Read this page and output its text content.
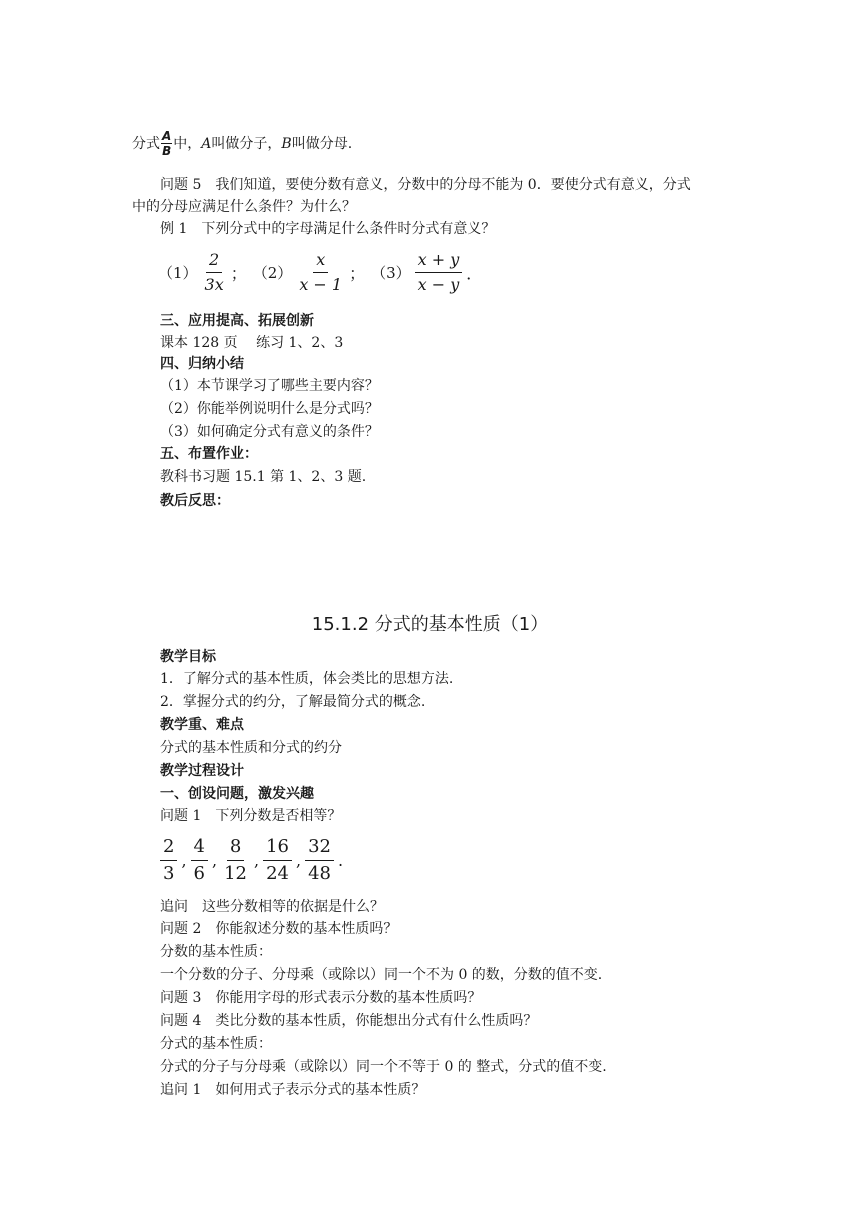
分式 $\frac{A}{B}$ 中， A 叫做分子， B 叫做分母.
问题 5　我们知道，要使分数有意义，分数中的分母不能为 0．要使分式有意义，分式
中的分母应满足什么条件？为什么？
例 1　下列分式中的字母满足什么条件时分式有意义？
$(1) \frac{2}{3x}$ ； $(2) \frac{x}{x - 1}$ ； $(3) \frac{x + y}{x - y}$ ．
三、应用提高、拓展创新
课本 128 页　 练习 1、2、3
四、归纳小结
（1）本节课学习了哪些主要内容？
（2）你能举例说明什么是分式吗？
（3）如何确定分式有意义的条件？
五、布置作业：
教科书习题 15.1 第 1、2、3 题.
教后反思：
15.1.2 分式的基本性质（1）
教学目标
1．了解分式的基本性质，体会类比的思想方法.
2．掌握分式的约分，了解最简分式的概念.
教学重、难点
分式的基本性质和分式的约分
教学过程设计
一、创设问题，激发兴趣
问题 1　下列分数是否相等？
$\frac{2}{3}$ , $\frac{4}{6}$ , $\frac{8}{12}$ , $\frac{16}{24}$ , $\frac{32}{48}$ .
追问　这些分数相等的依据是什么？
问题 2　你能叙述分数的基本性质吗？
分数的基本性质：
一个分数的分子、分母乘（或除以）同一个不为 0 的数，分数的值不变.
问题 3　你能用字母的形式表示分数的基本性质吗？
问题 4　类比分数的基本性质，你能想出分式有什么性质吗？
分式的基本性质：
分式的分子与分母乘（或除以）同一个不等于 0 的 整式，分式的值不变.
追问 1　如何用式子表示分式的基本性质？
